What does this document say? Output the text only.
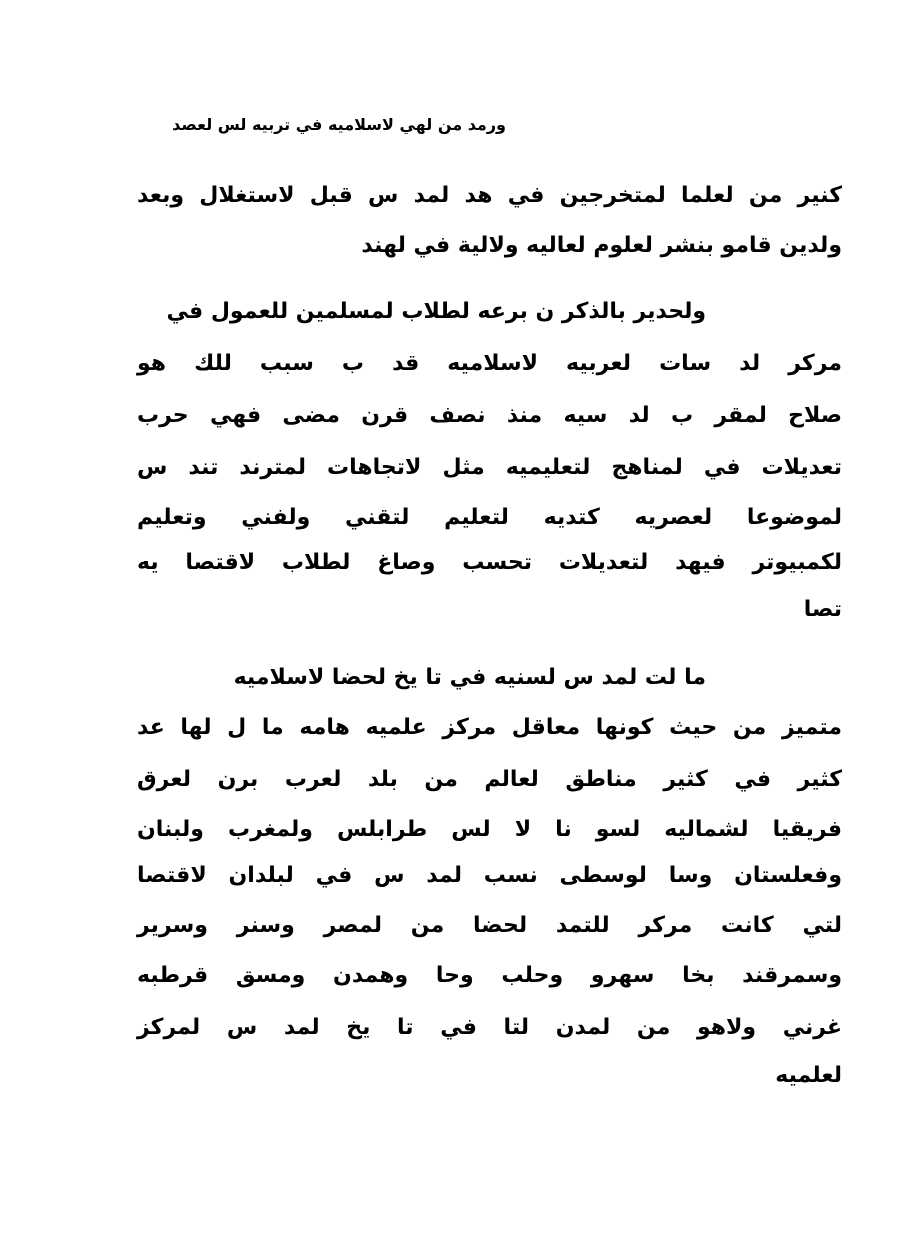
ورمد من لهي لاسلاميه في تربيه لس لعصد
كنير من لعلما لمتخرجين في هد لمد س قبل لاستغلال وبعد
ولدين قامو بنشر لعلوم لعاليه ولالية في لهند
ولحدير بالذكر ن برعه لطلاب لمسلمين للعمول في
مركر لد سات لعربيه لاسلاميه قد ب سبب للك هو
صلاح لمقر ب لد سيه منذ نصف قرن مضى فهي حرب
تعديلات في لمناهج لتعليميه مثل لاتجاهات لمترند تند س
لموضوعا لعصريه كتديه لتعليم لتقني ولفني وتعليم
لكمبيوتر فيهد لتعديلات تحسب وصاغ لطلاب لاقتصا يه
تصا
ما لت لمد س لسنيه في تا يخ لحضا لاسلاميه
متميز من حيث كونها معاقل مركز علميه هامه ما ل لها عد
كثير في كثير مناطق لعالم من بلد لعرب برن لعرق
فريقيا لشماليه لسو نا لا لس طرابلس ولمغرب ولبنان
وفعلستان وسا لوسطى نسب لمد س في لبلدان لاقتصا
لتي كانت مركر للتمد لحضا من لمصر وسنر وسرير
وسمرقند بخا سهرو وحلب وحا وهمدن ومسق قرطبه
غرني ولاهو من لمدن لتا في تا يخ لمد س لمركز
لعلميه
